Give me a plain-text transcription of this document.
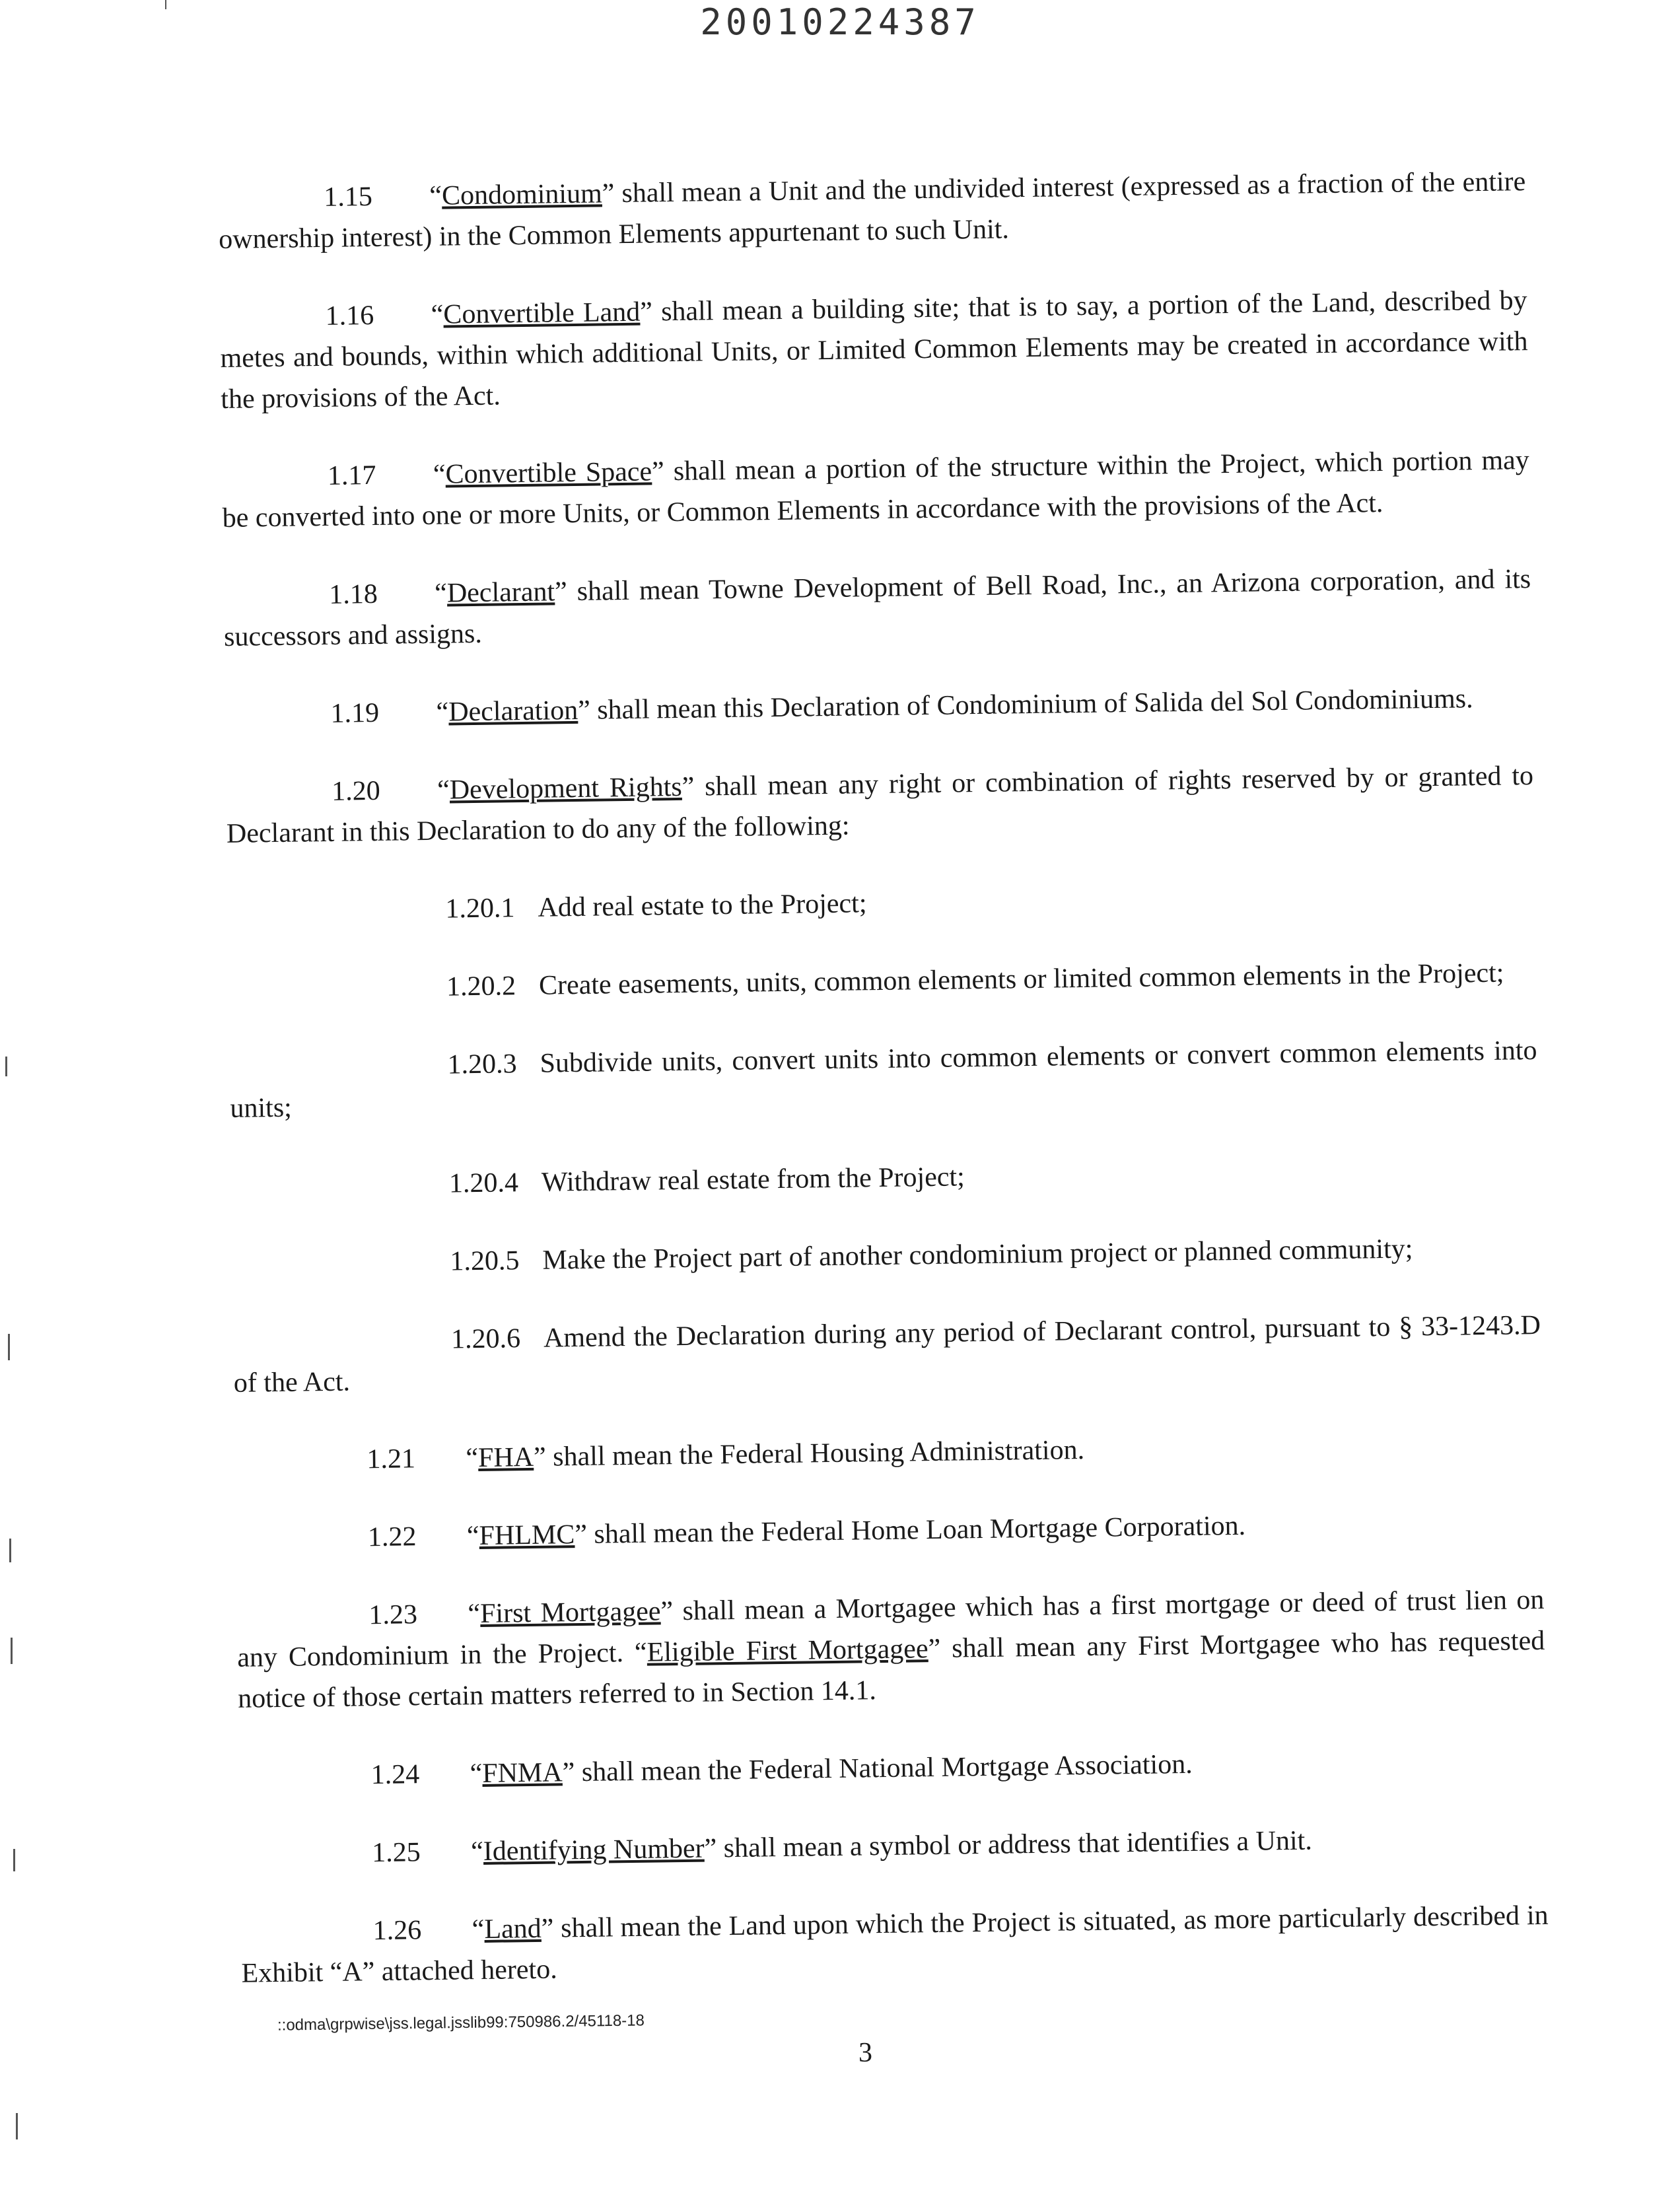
20010224387

1.15 “Condominium” shall mean a Unit and the undivided interest (expressed as a fraction of the entire ownership interest) in the Common Elements appurtenant to such Unit.

1.16 “Convertible Land” shall mean a building site; that is to say, a portion of the Land, described by metes and bounds, within which additional Units, or Limited Common Elements may be created in accordance with the provisions of the Act.

1.17 “Convertible Space” shall mean a portion of the structure within the Project, which portion may be converted into one or more Units, or Common Elements in accordance with the provisions of the Act.

1.18 “Declarant” shall mean Towne Development of Bell Road, Inc., an Arizona corporation, and its successors and assigns.

1.19 “Declaration” shall mean this Declaration of Condominium of Salida del Sol Condominiums.

1.20 “Development Rights” shall mean any right or combination of rights reserved by or granted to Declarant in this Declaration to do any of the following:

1.20.1 Add real estate to the Project;

1.20.2 Create easements, units, common elements or limited common elements in the Project;

1.20.3 Subdivide units, convert units into common elements or convert common elements into units;

1.20.4 Withdraw real estate from the Project;

1.20.5 Make the Project part of another condominium project or planned community;

1.20.6 Amend the Declaration during any period of Declarant control, pursuant to § 33-1243.D of the Act.

1.21 “FHA” shall mean the Federal Housing Administration.

1.22 “FHLMC” shall mean the Federal Home Loan Mortgage Corporation.

1.23 “First Mortgagee” shall mean a Mortgagee which has a first mortgage or deed of trust lien on any Condominium in the Project. “Eligible First Mortgagee” shall mean any First Mortgagee who has requested notice of those certain matters referred to in Section 14.1.

1.24 “FNMA” shall mean the Federal National Mortgage Association.

1.25 “Identifying Number” shall mean a symbol or address that identifies a Unit.

1.26 “Land” shall mean the Land upon which the Project is situated, as more particularly described in Exhibit “A” attached hereto.

::odma\grpwise\jss.legal.jsslib99:750986.2/45118-18
3
